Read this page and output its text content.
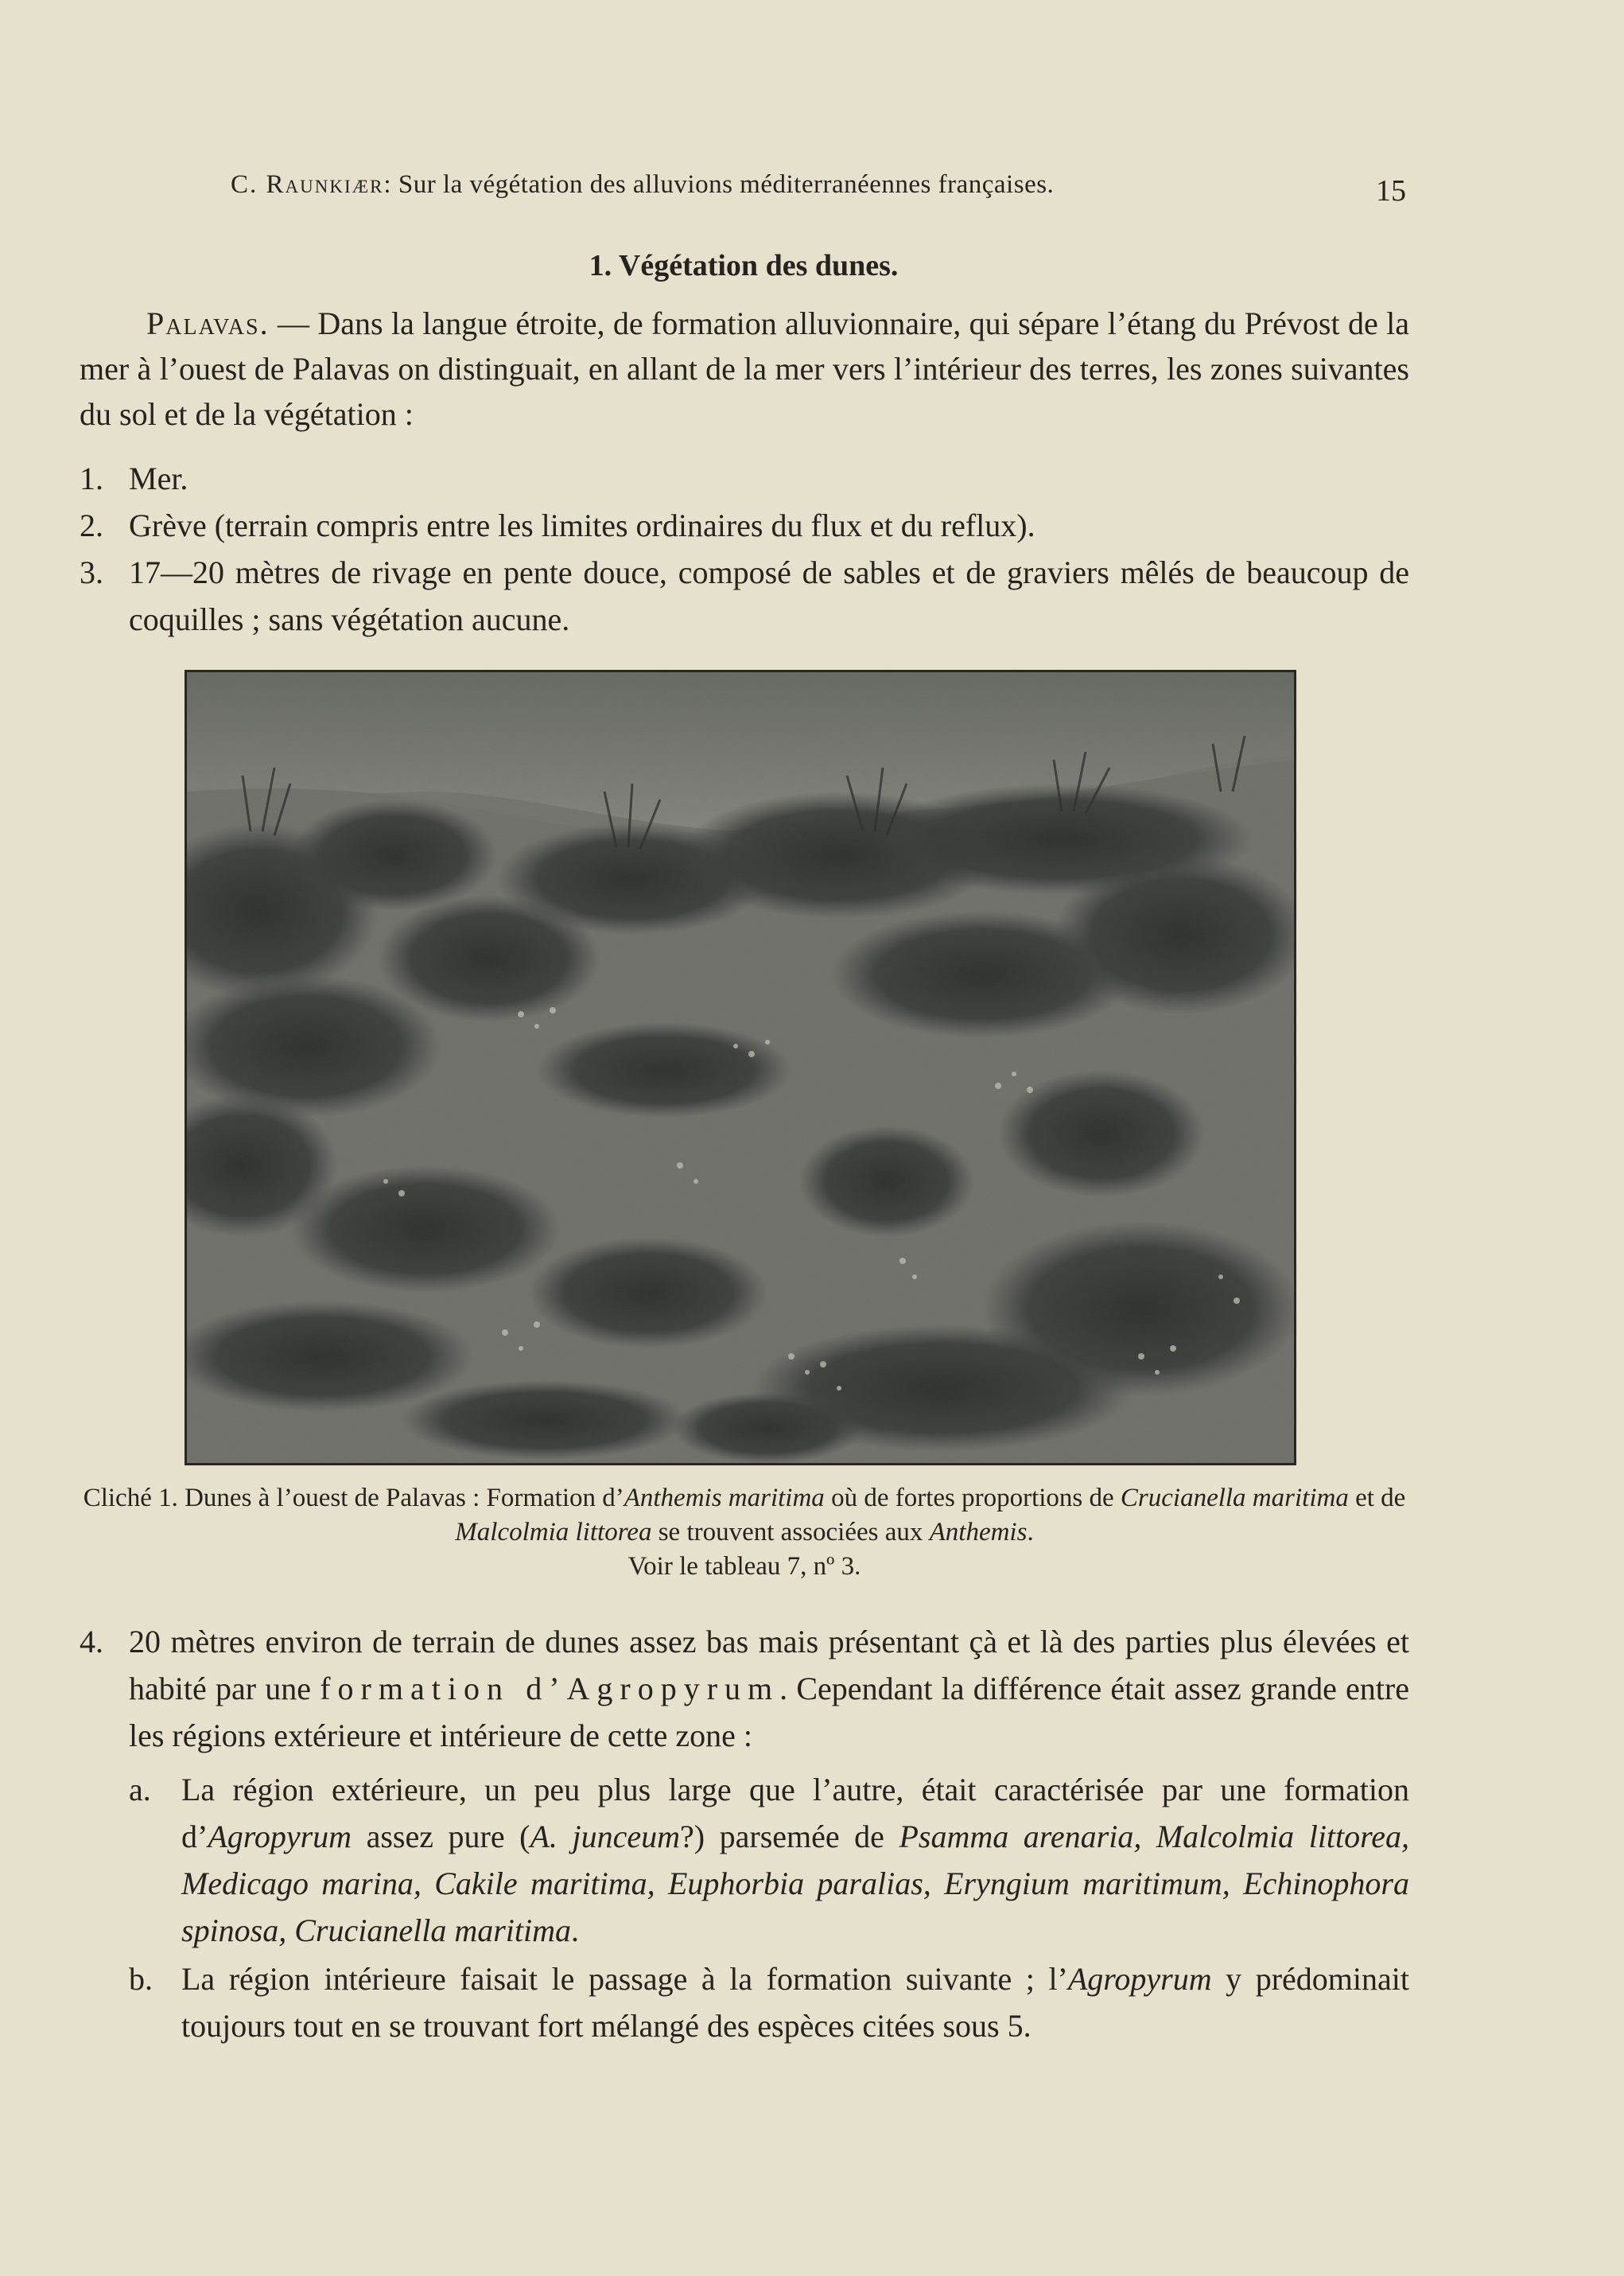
C. Raunkiær: Sur la végétation des alluvions méditerranéennes françaises.	15
1. Végétation des dunes.
Palavas. — Dans la langue étroite, de formation alluvionnaire, qui sépare l’étang du Prévost de la mer à l’ouest de Palavas on distinguait, en allant de la mer vers l’intérieur des terres, les zones suivantes du sol et de la végétation :
1. Mer.
2. Grève (terrain compris entre les limites ordinaires du flux et du reflux).
3. 17—20 mètres de rivage en pente douce, composé de sables et de graviers mêlés de beaucoup de coquilles ; sans végétation aucune.
Cliché 1. Dunes à l’ouest de Palavas : Formation d’Anthemis maritima où de fortes proportions de Crucianella maritima et de Malcolmia littorea se trouvent associées aux Anthemis.
Voir le tableau 7, nº 3.
4. 20 mètres environ de terrain de dunes assez bas mais présentant çà et là des parties plus élevées et habité par une formation d’Agropyrum. Cependant la différence était assez grande entre les régions extérieure et intérieure de cette zone :
a. La région extérieure, un peu plus large que l’autre, était caractérisée par une formation d’Agropyrum assez pure (A. junceum?) parsemée de Psamma arenaria, Malcolmia littorea, Medicago marina, Cakile maritima, Euphorbia paralias, Eryngium maritimum, Echinophora spinosa, Crucianella maritima.
b. La région intérieure faisait le passage à la formation suivante ; l’Agropyrum y prédominait toujours tout en se trouvant fort mélangé des espèces citées sous 5.
